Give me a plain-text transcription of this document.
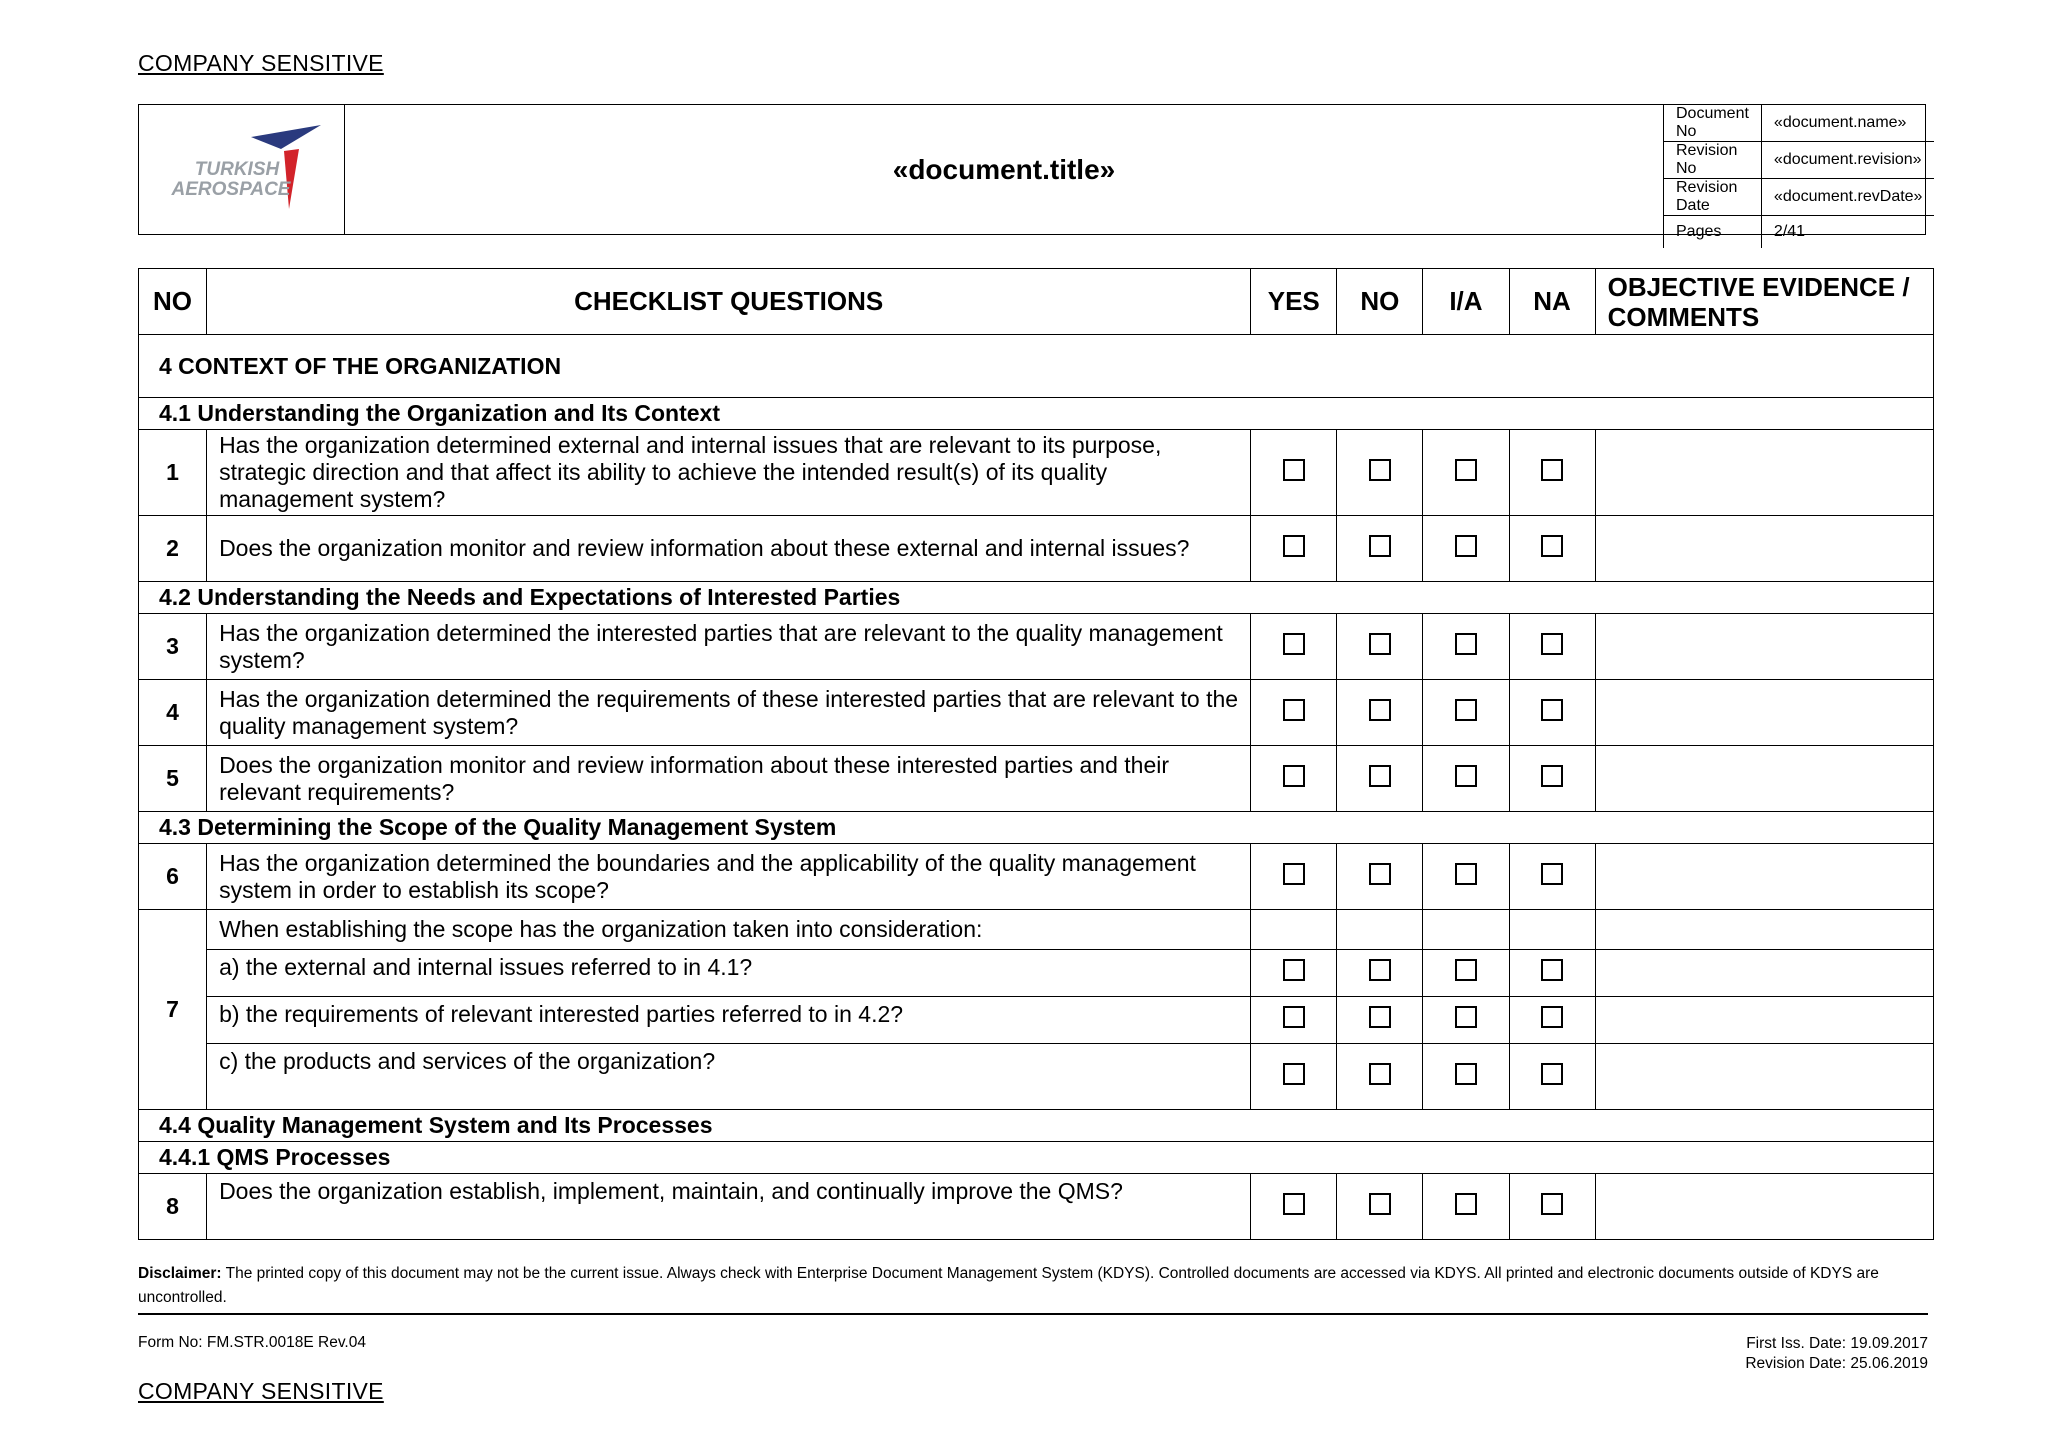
COMPANY SENSITIVE
TURKISH
AEROSPACE
«document.title»
Document No	«document.name»
Revision No	«document.revision»
Revision Date	«document.revDate»
Pages	2/41
NO	CHECKLIST QUESTIONS	YES	NO	I/A	NA	OBJECTIVE EVIDENCE / COMMENTS
4 CONTEXT OF THE ORGANIZATION						
4.1 Understanding the Organization and Its Context						
1	Has the organization determined external and internal issues that are relevant to its purpose, strategic direction and that affect its ability to achieve the intended result(s) of its quality management system?					
2	Does the organization monitor and review information about these external and internal issues?					
4.2 Understanding the Needs and Expectations of Interested Parties						
3	Has the organization determined the interested parties that are relevant to the quality management system?					
4	Has the organization determined the requirements of these interested parties that are relevant to the quality management system?					
5	Does the organization monitor and review information about these interested parties and their relevant requirements?					
4.3 Determining the Scope of the Quality Management System						
6	Has the organization determined the boundaries and the applicability of the quality management system in order to establish its scope?					
7	When establishing the scope has the organization taken into consideration:					
	a) the external and internal issues referred to in 4.1?					
	b) the requirements of relevant interested parties referred to in 4.2?					
	c) the products and services of the organization?					
4.4 Quality Management System and Its Processes						
4.4.1 QMS Processes						
8	Does the organization establish, implement, maintain, and continually improve the QMS?					
Disclaimer: The printed copy of this document may not be the current issue. Always check with Enterprise Document Management System (KDYS). Controlled documents are accessed via KDYS. All printed and electronic documents outside of KDYS are uncontrolled.
Form No: FM.STR.0018E Rev.04	First Iss. Date: 19.09.2017
Revision Date: 25.06.2019
COMPANY SENSITIVE
